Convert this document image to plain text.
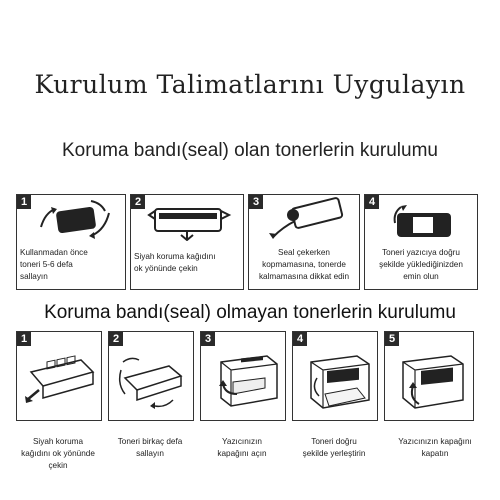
Kurulum Talimatlarını Uygulayın
Koruma bandı(seal) olan tonerlerin kurulumu
1
Kullanmadan önce
toneri 5-6 defa
sallayın
2
Siyah koruma kağıdını
ok yönünde çekin
3
Seal çekerken
kopmamasına, tonerde
kalmamasına dikkat edin
4
Toneri yazıcıya doğru
şekilde yüklediğinizden
emin olun
Koruma bandı(seal) olmayan tonerlerin kurulumu
1	2	3	4	5
Siyah koruma
kağıdını ok yönünde
çekin
Toneri birkaç defa
sallayın
Yazıcınızın
kapağını açın
Toneri doğru
şekilde yerleştirin
Yazıcınızın kapağını
kapatın
